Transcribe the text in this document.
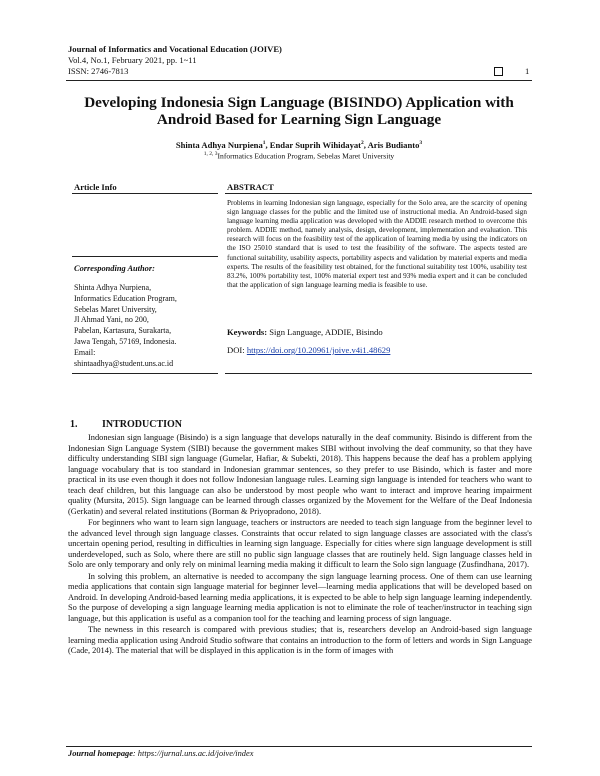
Journal of Informatics and Vocational Education (JOIVE)
Vol.4, No.1, February 2021, pp. 1~11
ISSN: 2746-7813	1
Developing Indonesia Sign Language (BISINDO) Application with
Android Based for Learning Sign Language
Shinta Adhya Nurpiena$^1$, Endar Suprih Wihidayat$^2$, Aris Budianto$^3$
$^{1, 2, 3}$Informatics Education Program, Sebelas Maret University
Article Info	ABSTRACT
Problems in learning Indonesian sign language, especially for the Solo area, are the scarcity of opening sign language classes for the public and the limited use of instructional media. An Android-based sign language learning media application was developed with the ADDIE research method to overcome this problem. ADDIE method, namely analysis, design, development, implementation and evaluation. This research will focus on the feasibility test of the application of learning media by using the indicators on the ISO 25010 standard that is used to test the feasibility of the software. The aspects tested are functional suitability, usability aspects, portability aspects and validation by material experts and media experts. The results of the feasibility test obtained, for the functional suitability test 100%, usability test 83.2%, 100% portability test, 100% material expert test and 93% media expert and it can be concluded that the application of sign language learning media is feasible to use.
Keywords: Sign Language, ADDIE, Bisindo
DOI: https://doi.org/10.20961/joive.v4i1.48629
Corresponding Author:
Shinta Adhya Nurpiena,
Informatics Education Program,
Sebelas Maret University,
Jl Ahmad Yani, no 200,
Pabelan, Kartasura, Surakarta,
Jawa Tengah, 57169, Indonesia.
Email:
shintaadhya@student.uns.ac.id
1. INTRODUCTION

Indonesian sign language (Bisindo) is a sign language that develops naturally in the deaf community. Bisindo is different from the Indonesian Sign Language System (SIBI) because the government makes SIBI without involving the deaf community, so that they have difficulty understanding SIBI sign language (Gumelar, Hafiar, & Subekti, 2018). This happens because the deaf has a problem applying language vocabulary that is too standard in Indonesian grammar sentences, so they prefer to use Bisindo, which is faster and more practical in its use even though it does not follow Indonesian language rules. Learning sign language is intended for teachers who want to teach deaf children, but this language can also be understood by most people who want to interact and improve hearing impairment quality (Mursita, 2015). Sign language can be learned through classes organized by the Movement for the Welfare of the Deaf Indonesia (Gerkatin) and several related institutions (Borman & Priyopradono, 2018).

For beginners who want to learn sign language, teachers or instructors are needed to teach sign language from the beginner level to the advanced level through sign language classes. Constraints that occur related to sign language classes are associated with the class's uncertain opening period, resulting in difficulties in learning sign language. Especially for cities where sign language development is still underdeveloped, such as Solo, where there are still no public sign language classes that are routinely held. Sign language classes held in Solo are only temporary and only rely on minimal learning media making it difficult to learn the Solo sign language (Zusfindhana, 2017).

In solving this problem, an alternative is needed to accompany the sign language learning process. One of them can use learning media applications that contain sign language material for beginner level—learning media applications that will be developed based on Android. In developing Android-based learning media applications, it is expected to be able to help sign language learning independently. So the purpose of developing a sign language learning media application is not to eliminate the role of teacher/instructor in teaching sign language, but this application is useful as a companion tool for the teaching and learning process of sign language.

The newness in this research is compared with previous studies; that is, researchers develop an Android-based sign language learning media application using Android Studio software that contains an introduction to the form of letters and words in Sign Language (Cade, 2014). The material that will be displayed in this application is in the form of images with

Journal homepage: https://jurnal.uns.ac.id/joive/index
